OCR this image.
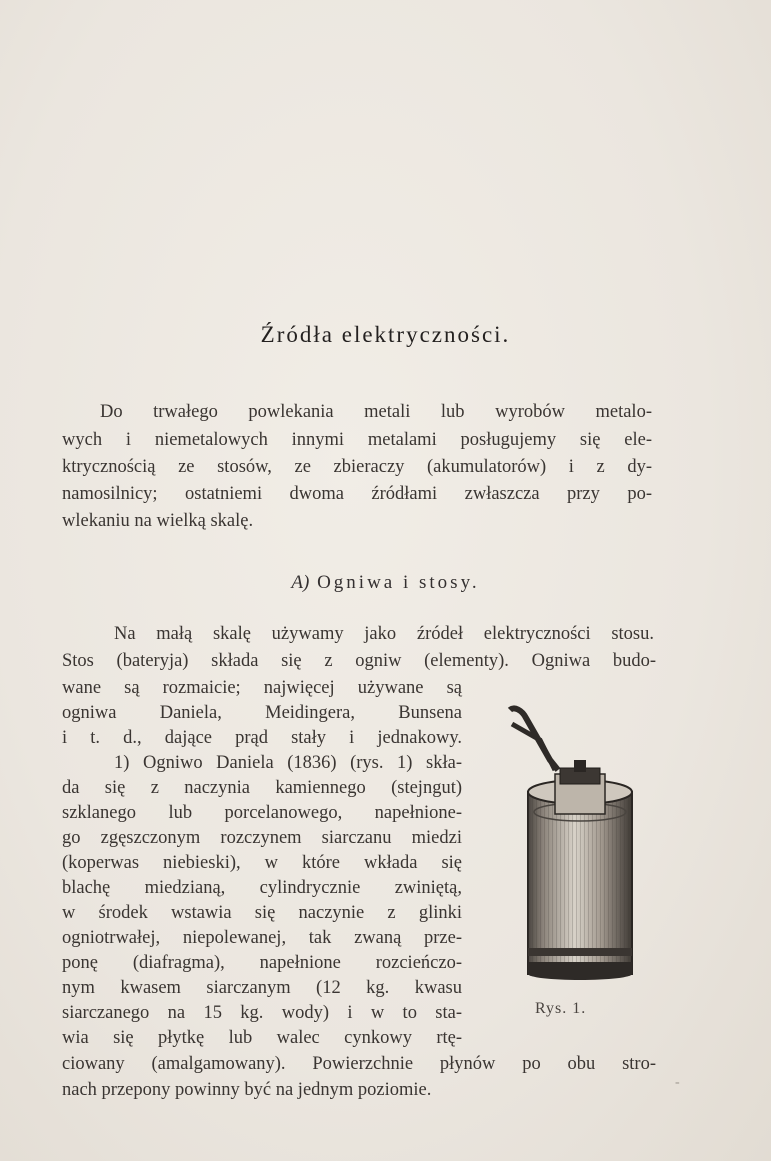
Źródła elektryczności.
Do trwałego powlekania metali lub wyrobów metalo-
wych i niemetalowych innymi metalami posługujemy się ele-
ktrycznością ze stosów, ze zbieraczy (akumulatorów) i z dy-
namosilnicy; ostatniemi dwoma źródłami zwłaszcza przy po-
wlekaniu na wielką skalę.
A) Ogniwa i stosy.
Na małą skalę używamy jako źródeł elektryczności stosu.
Stos (bateryja) składa się z ogniw (elementy). Ogniwa budo-
wane są rozmaicie; najwięcej używane są
ogniwa Daniela, Meidingera, Bunsena
i t. d., dające prąd stały i jednakowy.
1) Ogniwo Daniela (1836) (rys. 1) skła-
da się z naczynia kamiennego (stejngut)
szklanego lub porcelanowego, napełnione-
go zgęszczonym rozczynem siarczanu miedzi
(koperwas niebieski), w które wkłada się
blachę miedzianą, cylindrycznie zwiniętą,
w środek wstawia się naczynie z glinki
ogniotrwałej, niepolewanej, tak zwaną prze-
ponę (diafragma), napełnione rozcieńczo-
nym kwasem siarczanym (12 kg. kwasu
siarczanego na 15 kg. wody) i w to sta-
wia się płytkę lub walec cynkowy rtę-
ciowany (amalgamowany). Powierzchnie płynów po obu stro-
nach przepony powinny być na jednym poziomie.
Rys. 1.
-
